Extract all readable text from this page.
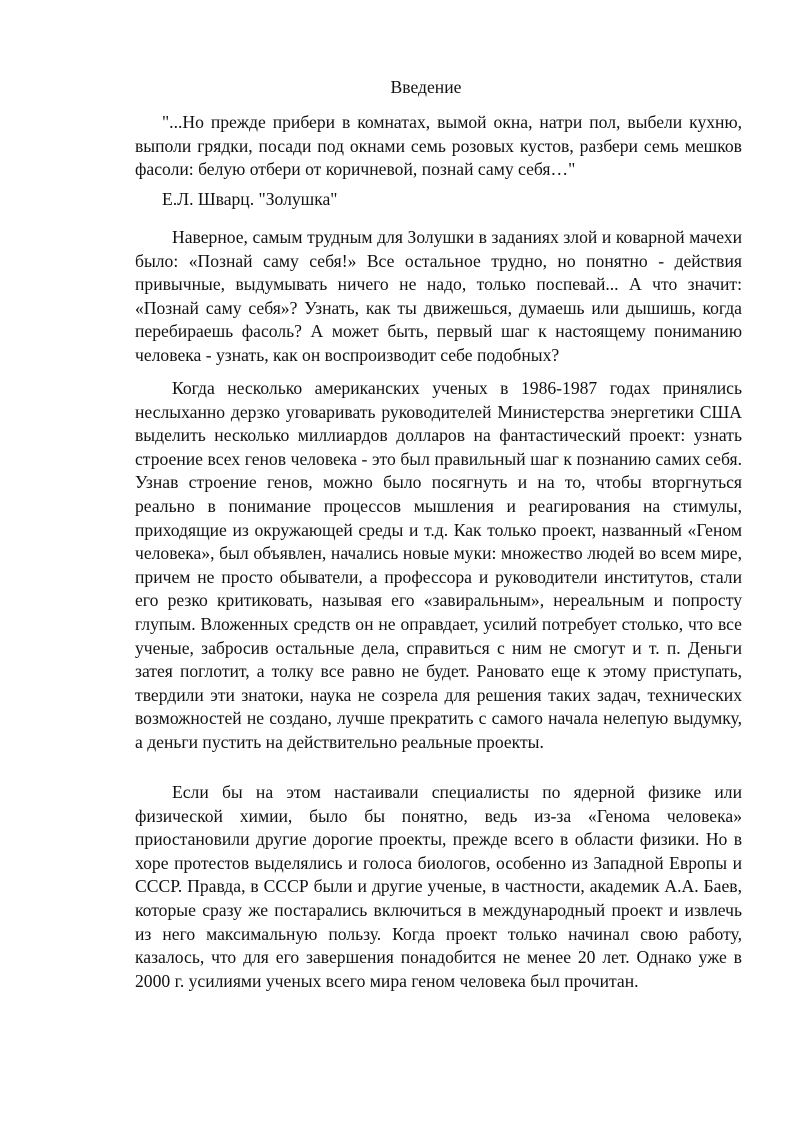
Введение
"...Но прежде прибери в комнатах, вымой окна, натри пол, выбели кухню, выполи грядки, посади под окнами семь розовых кустов, разбери семь мешков фасоли: белую отбери от коричневой, познай саму себя…"
Е.Л. Шварц. "Золушка"

Наверное, самым трудным для Золушки в заданиях злой и коварной мачехи было: «Познай саму себя!» Все остальное трудно, но понятно - действия привычные, выдумывать ничего не надо, только поспевай... А что значит: «Познай саму себя»? Узнать, как ты движешься, думаешь или дышишь, когда перебираешь фасоль? А может быть, первый шаг к настоящему пониманию человека - узнать, как он воспроизводит себе подобных?

Когда несколько американских ученых в 1986-1987 годах принялись неслыханно дерзко уговаривать руководителей Министерства энергетики США выделить несколько миллиардов долларов на фантастический проект: узнать строение всех генов человека - это был правильный шаг к познанию самих себя. Узнав строение генов, можно было посягнуть и на то, чтобы вторгнуться реально в понимание процессов мышления и реагирования на стимулы, приходящие из окружающей среды и т.д. Как только проект, названный «Геном человека», был объявлен, начались новые муки: множество людей во всем мире, причем не просто обыватели, а профессора и руководители институтов, стали его резко критиковать, называя его «завиральным», нереальным и попросту глупым. Вложенных средств он не оправдает, усилий потребует столько, что все ученые, забросив остальные дела, справиться с ним не смогут и т. п. Деньги затея поглотит, а толку все равно не будет. Рановато еще к этому приступать, твердили эти знатоки, наука не созрела для решения таких задач, технических возможностей не создано, лучше прекратить с самого начала нелепую выдумку, а деньги пустить на действительно реальные проекты.

Если бы на этом настаивали специалисты по ядерной физике или физической химии, было бы понятно, ведь из-за «Генома человека» приостановили другие дорогие проекты, прежде всего в области физики. Но в хоре протестов выделялись и голоса биологов, особенно из Западной Европы и СССР. Правда, в СССР были и другие ученые, в частности, академик А.А. Баев, которые сразу же постарались включиться в международный проект и извлечь из него максимальную пользу. Когда проект только начинал свою работу, казалось, что для его завершения понадобится не менее 20 лет. Однако уже в 2000 г. усилиями ученых всего мира геном человека был прочитан.
